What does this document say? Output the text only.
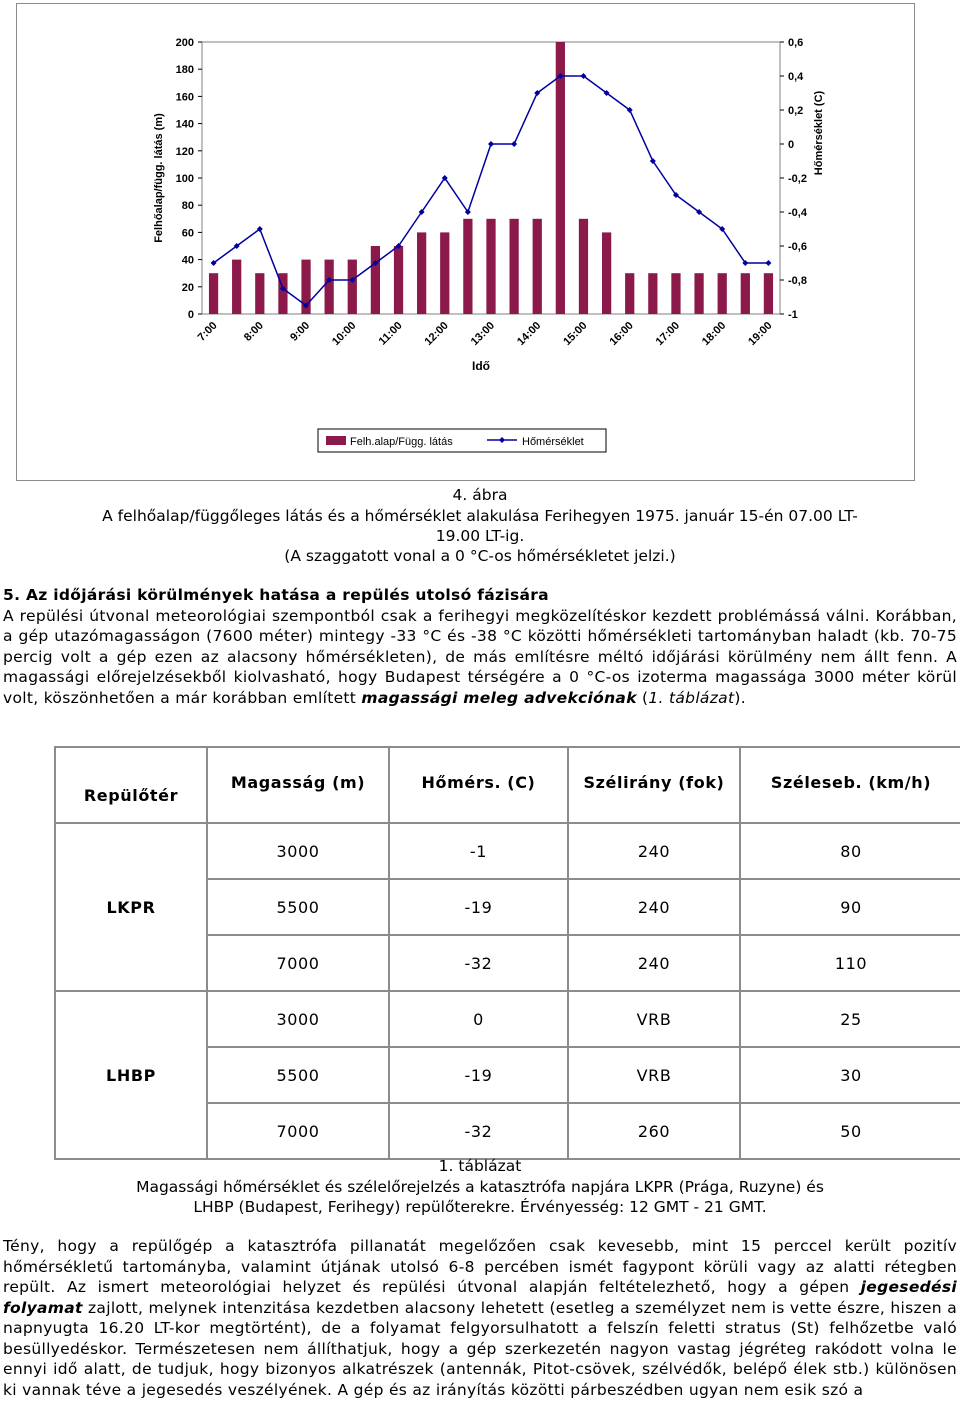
0
20
40
60
80
100
120
140
160
180
200
-1
-0,8
-0,6
-0,4
-0,2
0
0,2
0,4
0,6
7:00 8:00 9:00 10:00 11:00 12:00 13:00 14:00 15:00 16:00 17:00 18:00 19:00
Idő
Felhőalap/függ. látás (m)	Hőmérséklet (C)
Felh.alap/Függ. látás	Hőmérséklet
4. ábra
A felhőalap/függőleges látás és a hőmérséklet alakulása Ferihegyen 1975. január 15-én 07.00 LT-
19.00 LT-ig.
(A szaggatott vonal a 0 °C-os hőmérsékletet jelzi.)
5. Az időjárási körülmények hatása a repülés utolsó fázisára
A repülési útvonal meteorológiai szempontból csak a ferihegyi megközelítéskor kezdett problémássá válni. Korábban, a gép utazómagasságon (7600 méter) mintegy -33 °C és -38 °C közötti hőmérsékleti tartományban haladt (kb. 70-75 percig volt a gép ezen az alacsony hőmérsékleten), de más említésre méltó időjárási körülmény nem állt fenn. A magassági előrejelzésekből kiolvasható, hogy Budapest térségére a 0 °C-os izoterma magassága 3000 méter körül volt, köszönhetően a már korábban említett magassági meleg advekciónak (1. táblázat).
Repülőtér	Magasság (m)	Hőmérs. (C)	Szélirány (fok)	Széleseb. (km/h)
LKPR	3000	-1	240	80
	5500	-19	240	90
	7000	-32	240	110
LHBP	3000	0	VRB	25
	5500	-19	VRB	30
	7000	-32	260	50
1. táblázat
Magassági hőmérséklet és szélelőrejelzés a katasztrófa napjára LKPR (Prága, Ruzyne) és
LHBP (Budapest, Ferihegy) repülőterekre. Érvényesség: 12 GMT - 21 GMT.
Tény, hogy a repülőgép a katasztrófa pillanatát megelőzően csak kevesebb, mint 15 perccel került pozitív hőmérsékletű tartományba, valamint útjának utolsó 6-8 percében ismét fagypont körüli vagy az alatti rétegben repült. Az ismert meteorológiai helyzet és repülési útvonal alapján feltételezhető, hogy a gépen jegesedési folyamat zajlott, melynek intenzitása kezdetben alacsony lehetett (esetleg a személyzet nem is vette észre, hiszen a napnyugta 16.20 LT-kor megtörtént), de a folyamat felgyorsulhatott a felszín feletti stratus (St) felhőzetbe való besüllyedéskor. Természetesen nem állíthatjuk, hogy a gép szerkezetén nagyon vastag jégréteg rakódott volna le ennyi idő alatt, de tudjuk, hogy bizonyos alkatrészek (antennák, Pitot-csövek, szélvédők, belépő élek stb.) különösen ki vannak téve a jegesedés veszélyének. A gép és az irányítás közötti párbeszédben ugyan nem esik szó a
